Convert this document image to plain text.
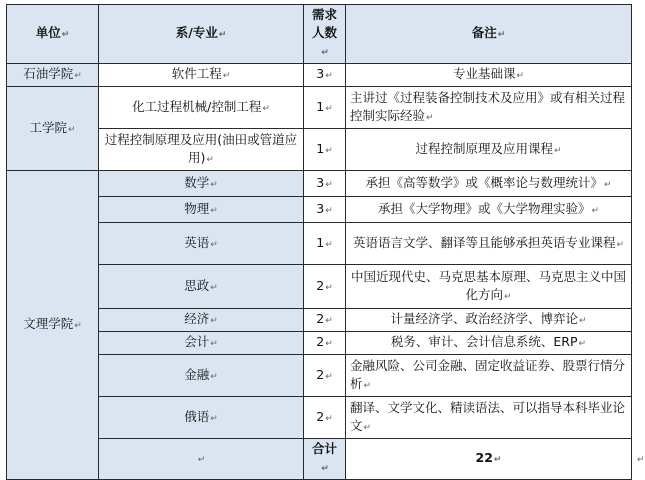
单位↵	系/专业↵	需求人数↵	备注↵	
石油学院↵	软件工程↵	3↵	专业基础课↵	
工学院↵	化工过程机械/控制工程↵	1↵	主讲过《过程装备控制技术及应用》或有相关过程控制实际经验↵	
	过程控制原理及应用(油田或管道应用)↵	1↵	过程控制原理及应用课程↵	
文理学院↵	数学↵	3↵	承担《高等数学》或《概率论与数理统计》↵	
	物理↵	3↵	承担《大学物理》或《大学物理实验》↵	
	英语↵	1↵	英语语言文学、翻译等且能够承担英语专业课程↵	
	思政↵	2↵	中国近现代史、马克思基本原理、马克思主义中国化方向↵	
	经济↵	2↵	计量经济学、政治经济学、博弈论↵	
	会计↵	2↵	税务、审计、会计信息系统、ERP↵	
	金融↵	2↵	金融风险、公司金融、固定收益证券、股票行情分析↵	
	俄语↵	2↵	翻译、文学文化、精读语法、可以指导本科毕业论文↵	
	↵	合计↵	22↵	↵
